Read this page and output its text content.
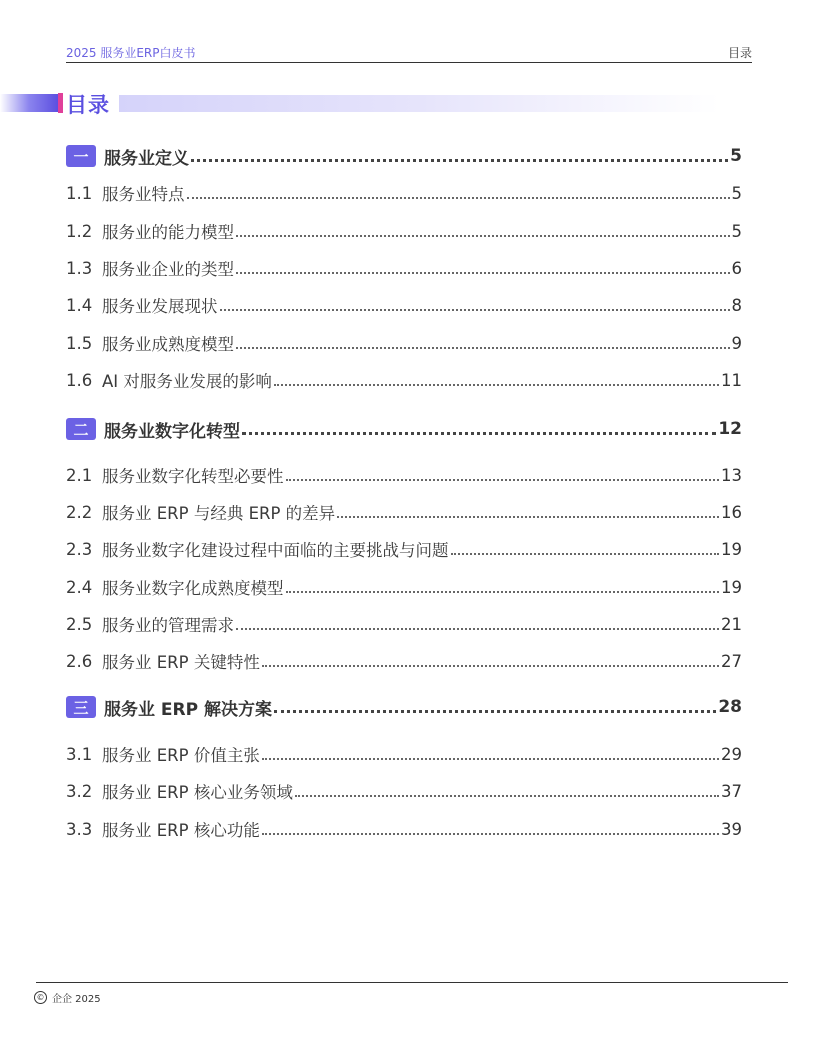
2025 服务业ERP白皮书	目录
目录
一 服务业定义	5
1.1 服务业特点	5
1.2 服务业的能力模型	5
1.3 服务业企业的类型	6
1.4 服务业发展现状	8
1.5 服务业成熟度模型	9
1.6 AI 对服务业发展的影响	11
二 服务业数字化转型	12
2.1 服务业数字化转型必要性	13
2.2 服务业 ERP 与经典 ERP 的差异	16
2.3 服务业数字化建设过程中面临的主要挑战与问题	19
2.4 服务业数字化成熟度模型	19
2.5 服务业的管理需求	21
2.6 服务业 ERP 关键特性	27
三 服务业 ERP 解决方案	28
3.1 服务业 ERP 价值主张	29
3.2 服务业 ERP 核心业务领域	37
3.3 服务业 ERP 核心功能	39
© 企企 2025
